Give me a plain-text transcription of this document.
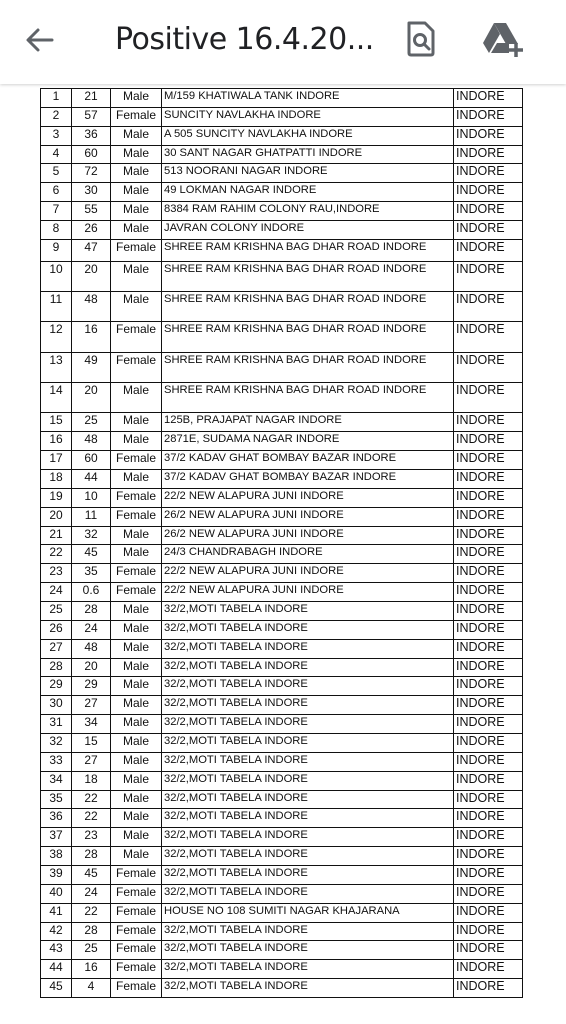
Positive 16.4.20...
1	21	Male	M/159 KHATIWALA TANK INDORE	INDORE
2	57	Female	SUNCITY NAVLAKHA INDORE	INDORE
3	36	Male	A 505 SUNCITY NAVLAKHA INDORE	INDORE
4	60	Male	30 SANT NAGAR GHATPATTI INDORE	INDORE
5	72	Male	513 NOORANI NAGAR INDORE	INDORE
6	30	Male	49 LOKMAN NAGAR INDORE	INDORE
7	55	Male	8384 RAM RAHIM COLONY RAU,INDORE	INDORE
8	26	Male	JAVRAN COLONY INDORE	INDORE
9	47	Female	SHREE RAM KRISHNA BAG DHAR ROAD INDORE	INDORE
10	20	Male	SHREE RAM KRISHNA BAG DHAR ROAD INDORE	INDORE
11	48	Male	SHREE RAM KRISHNA BAG DHAR ROAD INDORE	INDORE
12	16	Female	SHREE RAM KRISHNA BAG DHAR ROAD INDORE	INDORE
13	49	Female	SHREE RAM KRISHNA BAG DHAR ROAD INDORE	INDORE
14	20	Male	SHREE RAM KRISHNA BAG DHAR ROAD INDORE	INDORE
15	25	Male	125B, PRAJAPAT NAGAR INDORE	INDORE
16	48	Male	2871E, SUDAMA NAGAR INDORE	INDORE
17	60	Female	37/2 KADAV GHAT BOMBAY BAZAR INDORE	INDORE
18	44	Male	37/2 KADAV GHAT BOMBAY BAZAR INDORE	INDORE
19	10	Female	22/2 NEW ALAPURA JUNI INDORE	INDORE
20	11	Female	26/2 NEW ALAPURA JUNI INDORE	INDORE
21	32	Male	26/2 NEW ALAPURA JUNI INDORE	INDORE
22	45	Male	24/3 CHANDRABAGH INDORE	INDORE
23	35	Female	22/2 NEW ALAPURA JUNI INDORE	INDORE
24	0.6	Female	22/2 NEW ALAPURA JUNI INDORE	INDORE
25	28	Male	32/2,MOTI TABELA INDORE	INDORE
26	24	Male	32/2,MOTI TABELA INDORE	INDORE
27	48	Male	32/2,MOTI TABELA INDORE	INDORE
28	20	Male	32/2,MOTI TABELA INDORE	INDORE
29	29	Male	32/2,MOTI TABELA INDORE	INDORE
30	27	Male	32/2,MOTI TABELA INDORE	INDORE
31	34	Male	32/2,MOTI TABELA INDORE	INDORE
32	15	Male	32/2,MOTI TABELA INDORE	INDORE
33	27	Male	32/2,MOTI TABELA INDORE	INDORE
34	18	Male	32/2,MOTI TABELA INDORE	INDORE
35	22	Male	32/2,MOTI TABELA INDORE	INDORE
36	22	Male	32/2,MOTI TABELA INDORE	INDORE
37	23	Male	32/2,MOTI TABELA INDORE	INDORE
38	28	Male	32/2,MOTI TABELA INDORE	INDORE
39	45	Female	32/2,MOTI TABELA INDORE	INDORE
40	24	Female	32/2,MOTI TABELA INDORE	INDORE
41	22	Female	HOUSE NO 108 SUMITI NAGAR KHAJARANA	INDORE
42	28	Female	32/2,MOTI TABELA INDORE	INDORE
43	25	Female	32/2,MOTI TABELA INDORE	INDORE
44	16	Female	32/2,MOTI TABELA INDORE	INDORE
45	4	Female	32/2,MOTI TABELA INDORE	INDORE
